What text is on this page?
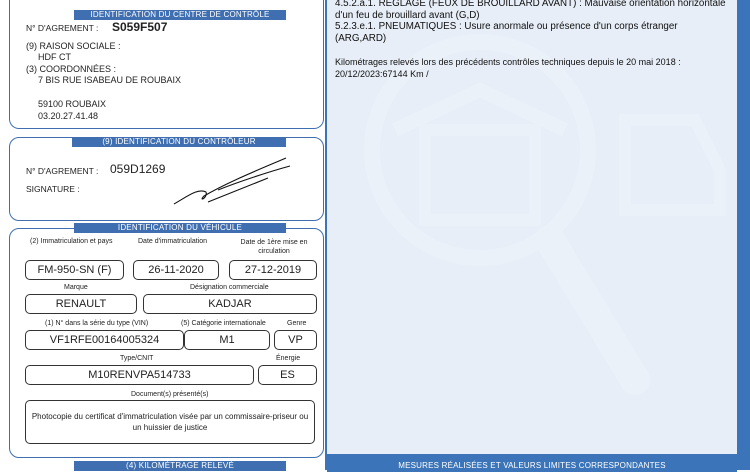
4.5.2.a.1. REGLAGE (FEUX DE BROUILLARD AVANT) : Mauvaise orientation horizontale
d'un feu de brouillard avant (G,D)
5.2.3.e.1. PNEUMATIQUES : Usure anormale ou présence d'un corps étranger
(ARG,ARD)
Kilométrages relevés lors des précédents contrôles techniques depuis le 20 mai 2018 :
20/12/2023:67144 Km /
MESURES RÉALISÉES ET VALEURS LIMITES CORRESPONDANTES
IDENTIFICATION DU CENTRE DE CONTRÔLE
N° D'AGREMENT : S059F507
(9) RAISON SOCIALE :
HDF CT
(3) COORDONNÉES :
7 BIS RUE ISABEAU DE ROUBAIX
59100 ROUBAIX
03.20.27.41.48
(9) IDENTIFICATION DU CONTRÔLEUR
N° D'AGREMENT : 059D1269
SIGNATURE :
IDENTIFICATION DU VÉHICULE
(2) Immatriculation et pays	Date d'immatriculation	Date de 1ère mise en circulation
FM-950-SN (F)	26-11-2020	27-12-2019
Marque	Désignation commerciale
RENAULT	KADJAR
(1) N° dans la série du type (VIN)	(5) Catégorie internationale	Genre
VF1RFE00164005324	M1	VP
Type/CNIT	Énergie
M10RENVPA514733	ES
Document(s) présenté(s)
Photocopie du certificat d'immatriculation visée par un commissaire-priseur ou un huissier de justice
(4) KILOMÉTRAGE RELEVÉ
